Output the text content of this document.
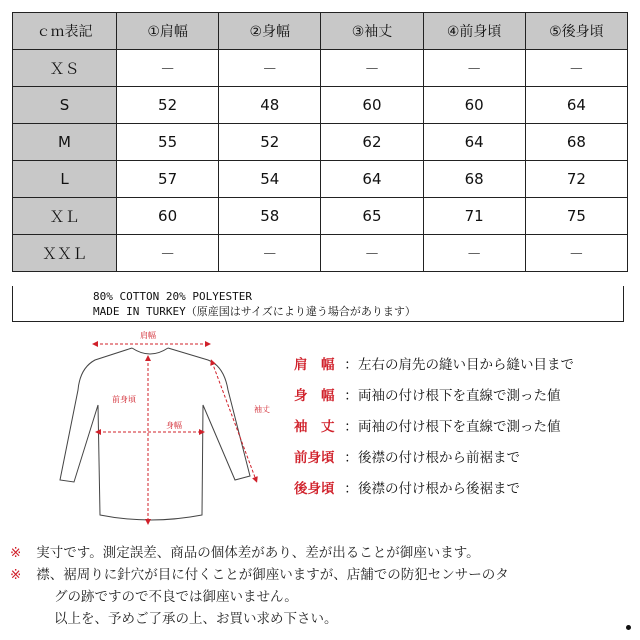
ｃｍ表記	①肩幅	②身幅	③袖丈	④前身頃	⑤後身頃
ＸＳ	－	－	－	－	－
S	52	48	60	60	64
M	55	52	62	64	68
L	57	54	64	68	72
ＸＬ	60	58	65	71	75
ＸＸＬ	－	－	－	－	－
80% COTTON 20% POLYESTER
MADE IN TURKEY（原産国はサイズにより違う場合があります）
肩幅
前身頃
身幅
袖丈
肩　幅 ： 左右の肩先の縫い目から縫い目まで
身　幅 ： 両袖の付け根下を直線で測った値
袖　丈 ： 両袖の付け根下を直線で測った値
前身頃 ： 後襟の付け根から前裾まで
後身頃 ： 後襟の付け根から後裾まで
※ 実寸です。測定誤差、商品の個体差があり、差が出ることが御座います。
※ 襟、裾周りに針穴が目に付くことが御座いますが、店舗での防犯センサーのタ
グの跡ですので不良では御座いません。
以上を、予めご了承の上、お買い求め下さい。
